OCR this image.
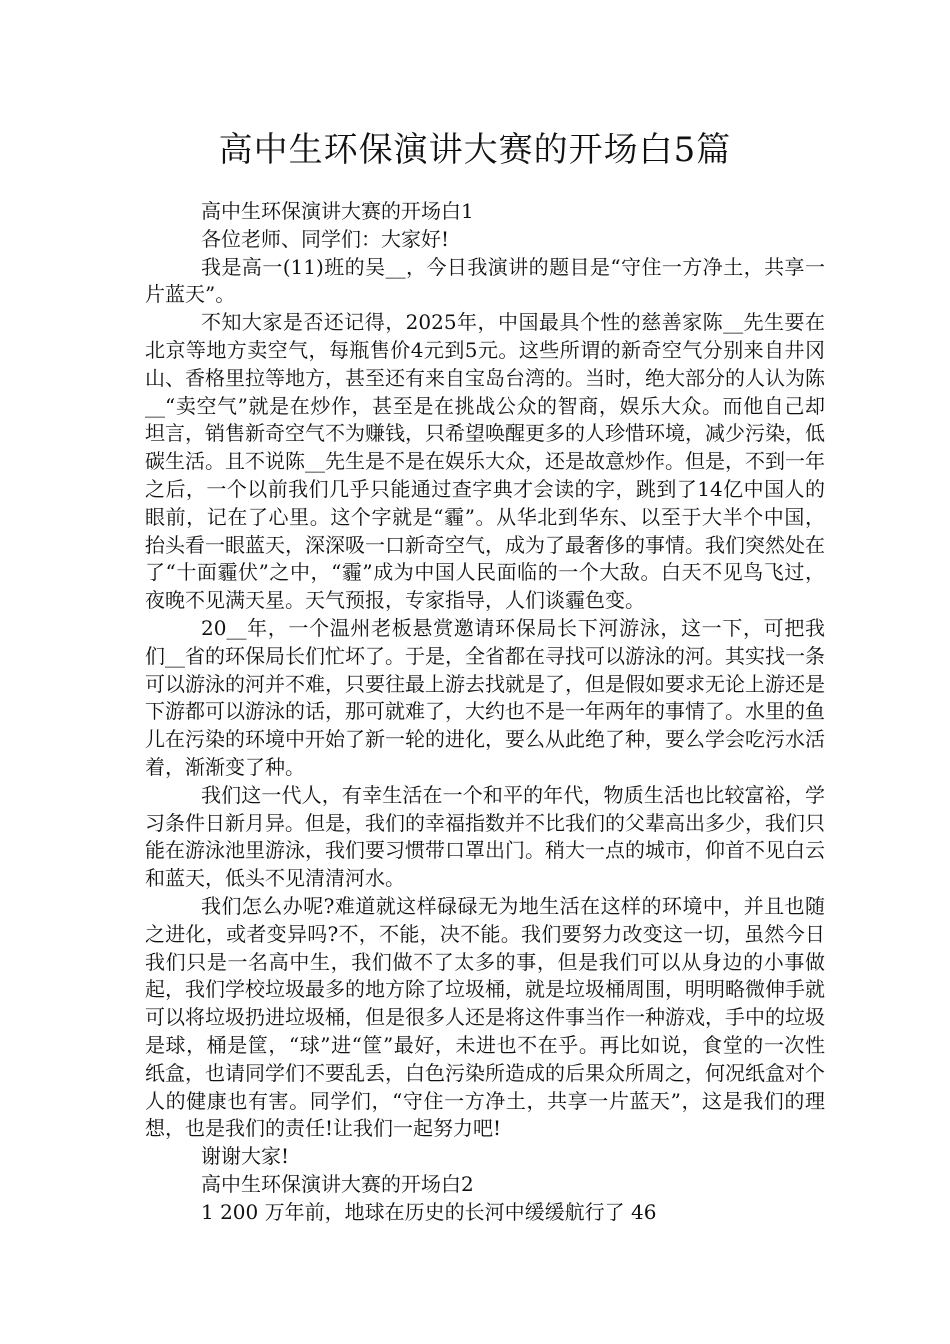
高中生环保演讲大赛的开场白5篇

高中生环保演讲大赛的开场白1

各位老师、同学们：大家好!

我是高一(11)班的吴__，今日我演讲的题目是“守住一方净土，共享一片蓝天”。

不知大家是否还记得，2025年，中国最具个性的慈善家陈__先生要在北京等地方卖空气，每瓶售价4元到5元。这些所谓的新奇空气分别来自井冈山、香格里拉等地方，甚至还有来自宝岛台湾的。当时，绝大部分的人认为陈__“卖空气”就是在炒作，甚至是在挑战公众的智商，娱乐大众。而他自己却坦言，销售新奇空气不为赚钱，只希望唤醒更多的人珍惜环境，减少污染，低碳生活。且不说陈__先生是不是在娱乐大众，还是故意炒作。但是，不到一年之后，一个以前我们几乎只能通过查字典才会读的字，跳到了14亿中国人的眼前，记在了心里。这个字就是“霾”。从华北到华东、以至于大半个中国，抬头看一眼蓝天，深深吸一口新奇空气，成为了最奢侈的事情。我们突然处在了“十面霾伏”之中，“霾”成为中国人民面临的一个大敌。白天不见鸟飞过，夜晚不见满天星。天气预报，专家指导，人们谈霾色变。

20__年，一个温州老板悬赏邀请环保局长下河游泳，这一下，可把我们__省的环保局长们忙坏了。于是，全省都在寻找可以游泳的河。其实找一条可以游泳的河并不难，只要往最上游去找就是了，但是假如要求无论上游还是下游都可以游泳的话，那可就难了，大约也不是一年两年的事情了。水里的鱼儿在污染的环境中开始了新一轮的进化，要么从此绝了种，要么学会吃污水活着，渐渐变了种。

我们这一代人，有幸生活在一个和平的年代，物质生活也比较富裕，学习条件日新月异。但是，我们的幸福指数并不比我们的父辈高出多少，我们只能在游泳池里游泳，我们要习惯带口罩出门。稍大一点的城市，仰首不见白云和蓝天，低头不见清清河水。

我们怎么办呢?难道就这样碌碌无为地生活在这样的环境中，并且也随之进化，或者变异吗?不，不能，决不能。我们要努力改变这一切，虽然今日我们只是一名高中生，我们做不了太多的事，但是我们可以从身边的小事做起，我们学校垃圾最多的地方除了垃圾桶，就是垃圾桶周围，明明略微伸手就可以将垃圾扔进垃圾桶，但是很多人还是将这件事当作一种游戏，手中的垃圾是球，桶是筐，“球”进“筐”最好，未进也不在乎。再比如说，食堂的一次性纸盒，也请同学们不要乱丢，白色污染所造成的后果众所周之，何况纸盒对个人的健康也有害。同学们，“守住一方净土，共享一片蓝天”，这是我们的理想，也是我们的责任!让我们一起努力吧!

谢谢大家!

高中生环保演讲大赛的开场白2

1 200 万年前，地球在历史的长河中缓缓航行了 46
